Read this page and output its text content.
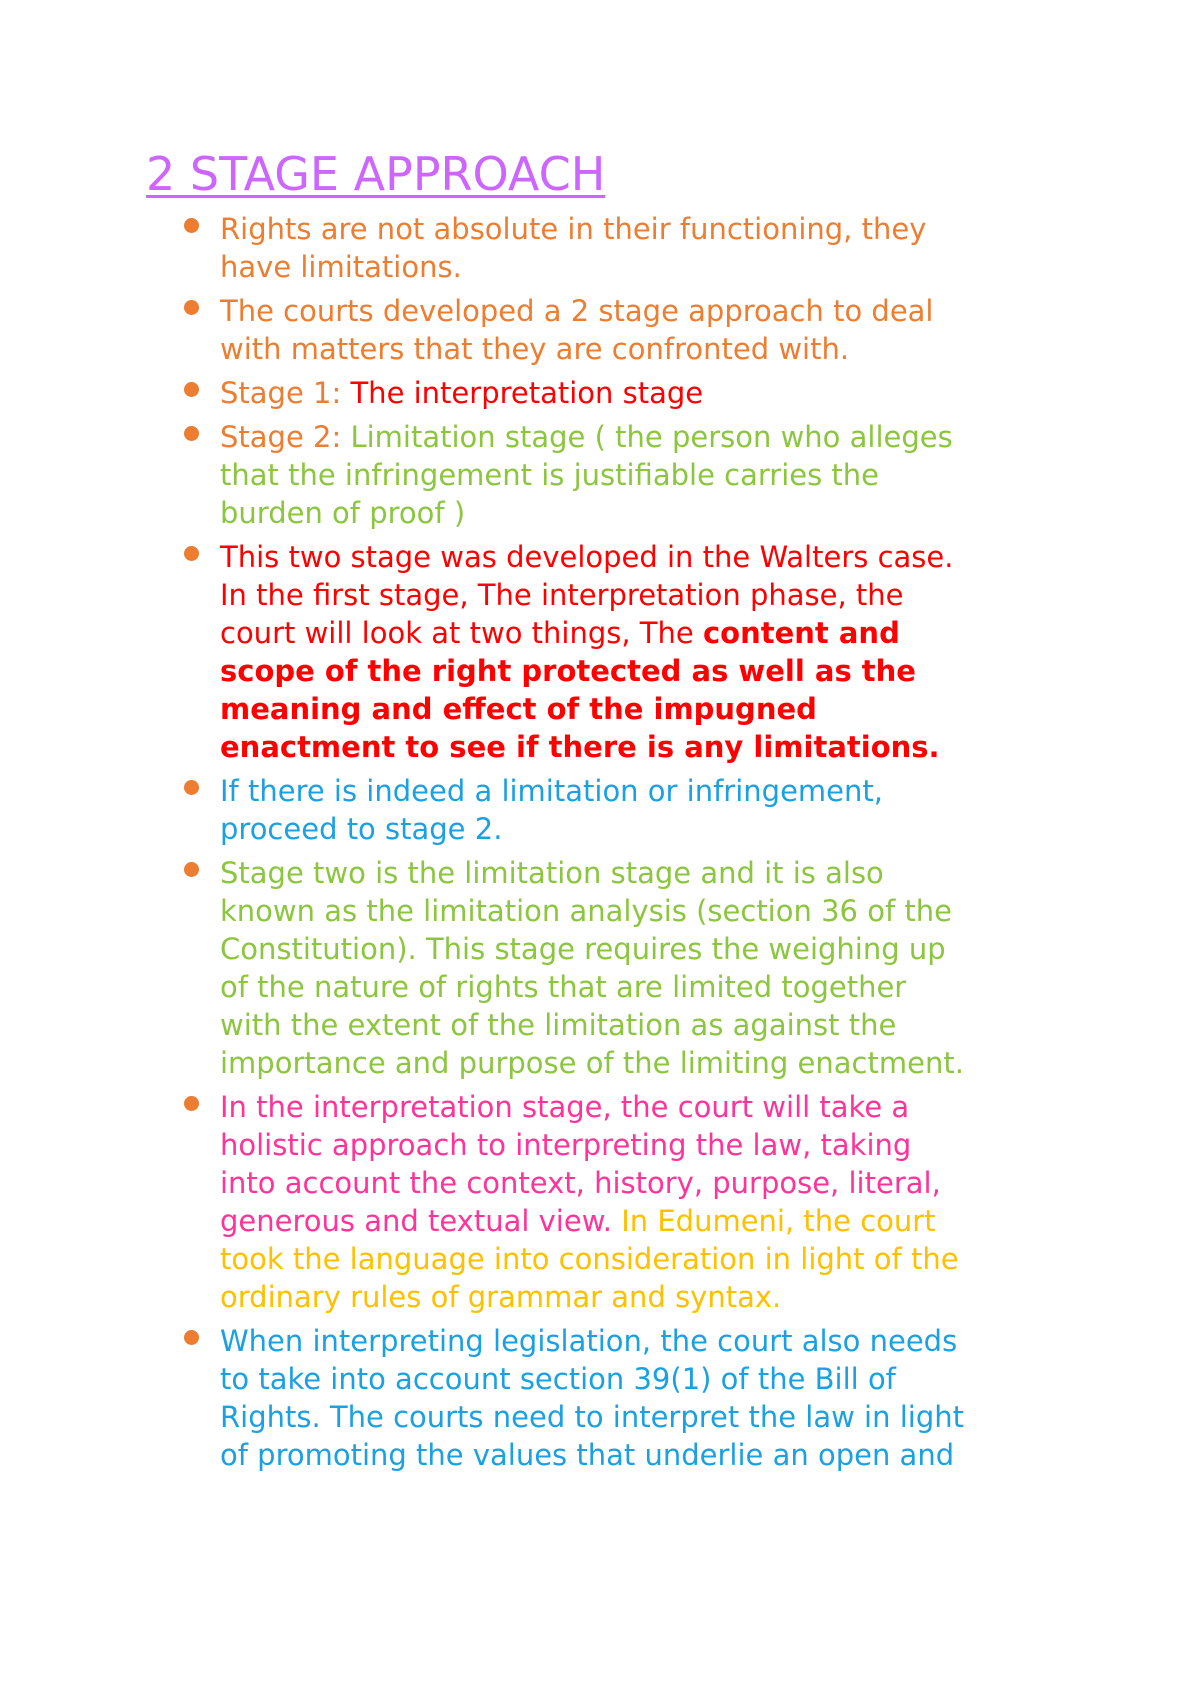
2 STAGE APPROACH
Rights are not absolute in their functioning, they
have limitations.
The courts developed a 2 stage approach to deal
with matters that they are confronted with.
Stage 1: The interpretation stage
Stage 2: Limitation stage ( the person who alleges
that the infringement is justifiable carries the
burden of proof )
This two stage was developed in the Walters case.
In the first stage, The interpretation phase, the
court will look at two things, The content and
scope of the right protected as well as the
meaning and effect of the impugned
enactment to see if there is any limitations.
If there is indeed a limitation or infringement,
proceed to stage 2.
Stage two is the limitation stage and it is also
known as the limitation analysis (section 36 of the
Constitution). This stage requires the weighing up
of the nature of rights that are limited together
with the extent of the limitation as against the
importance and purpose of the limiting enactment.
In the interpretation stage, the court will take a
holistic approach to interpreting the law, taking
into account the context, history, purpose, literal,
generous and textual view. In Edumeni, the court
took the language into consideration in light of the
ordinary rules of grammar and syntax.
When interpreting legislation, the court also needs
to take into account section 39(1) of the Bill of
Rights. The courts need to interpret the law in light
of promoting the values that underlie an open and
